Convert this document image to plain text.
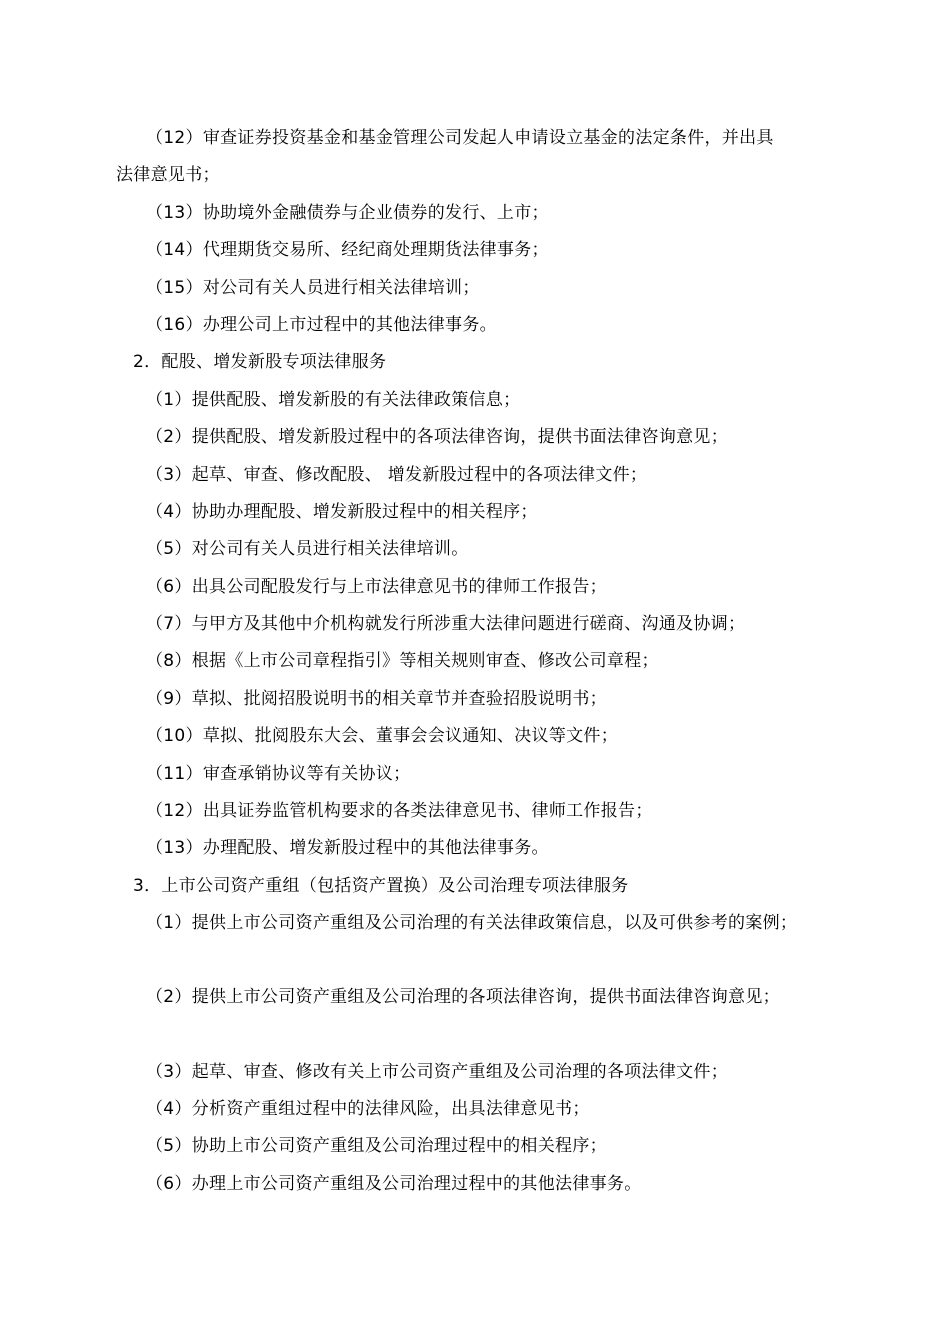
（12）审查证券投资基金和基金管理公司发起人申请设立基金的法定条件，并出具
法律意见书；
（13）协助境外金融债券与企业债券的发行、上市；
（14）代理期货交易所、经纪商处理期货法律事务；
（15）对公司有关人员进行相关法律培训；
（16）办理公司上市过程中的其他法律事务。
2．配股、增发新股专项法律服务
（1）提供配股、增发新股的有关法律政策信息；
（2）提供配股、增发新股过程中的各项法律咨询，提供书面法律咨询意见；
（3）起草、审查、修改配股、 增发新股过程中的各项法律文件；
（4）协助办理配股、增发新股过程中的相关程序；
（5）对公司有关人员进行相关法律培训。
（6）出具公司配股发行与上市法律意见书的律师工作报告；
（7）与甲方及其他中介机构就发行所涉重大法律问题进行磋商、沟通及协调；
（8）根据《上市公司章程指引》等相关规则审查、修改公司章程；
（9）草拟、批阅招股说明书的相关章节并查验招股说明书；
（10）草拟、批阅股东大会、董事会会议通知、决议等文件；
（11）审查承销协议等有关协议；
（12）出具证券监管机构要求的各类法律意见书、律师工作报告；
（13）办理配股、增发新股过程中的其他法律事务。
3．上市公司资产重组（包括资产置换）及公司治理专项法律服务
（1）提供上市公司资产重组及公司治理的有关法律政策信息，以及可供参考的案例；
（2）提供上市公司资产重组及公司治理的各项法律咨询，提供书面法律咨询意见；
（3）起草、审查、修改有关上市公司资产重组及公司治理的各项法律文件；
（4）分析资产重组过程中的法律风险，出具法律意见书；
（5）协助上市公司资产重组及公司治理过程中的相关程序；
（6）办理上市公司资产重组及公司治理过程中的其他法律事务。
